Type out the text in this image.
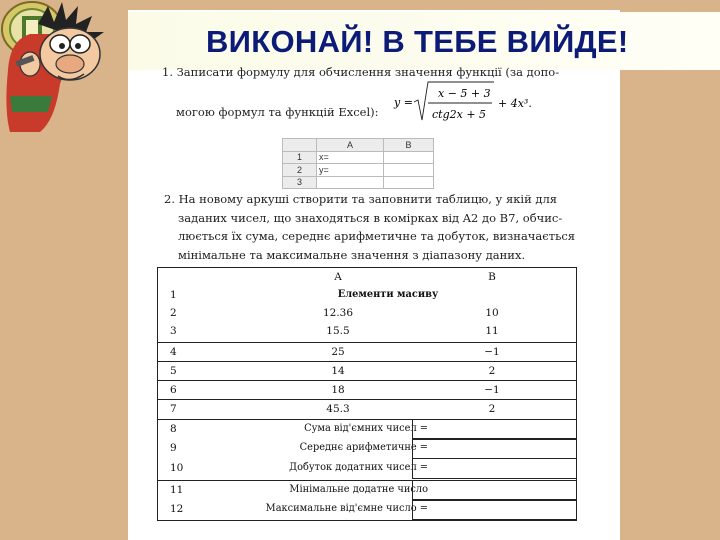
ВИКОНАЙ! В ТЕБЕ ВИЙДЕ!
1. Записати формулу для обчислення значення функції (за допо-
могою формул та функцій Excel):
y =
x − 5 + 3
ctg2x + 5
+ 4x³.
	A	B
1	x=	
2	y=	
3		
2. На новому аркуші створити та заповнити таблицю, у якій для
заданих чисел, що знаходяться в комірках від A2 до B7, обчис-
люється їх сума, середнє арифметичне та добуток, визначається
мінімальне та максимальне значення з діапазону даних.
A	B
1	Елементи масиву
2	12.36	10
3	15.5	11
4	25	−1
5	14	2
6	18	−1
7	45.3	2
8	Сума від'ємних чисел =
9	Середнє арифметичне =
10	Добуток додатних чисел =
11	Мінімальне додатне число
12	Максимальне від'ємне число =
